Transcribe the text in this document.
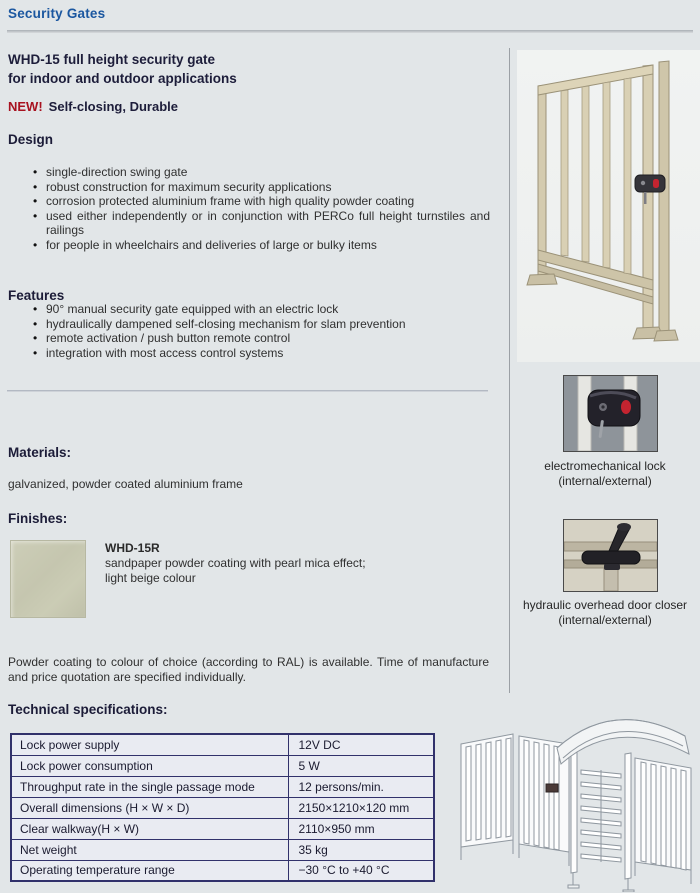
Security Gates
WHD-15 full height security gate
for indoor and outdoor applications
NEW! Self-closing, Durable
Design
• single-direction swing gate
• robust construction for maximum security applications
• corrosion protected aluminium frame with high quality powder coating
• used either independently or in conjunction with PERCo full height turnstiles and railings
• for people in wheelchairs and deliveries of large or bulky items
Features
• 90° manual security gate equipped with an electric lock
• hydraulically dampened self-closing mechanism for slam prevention
• remote activation / push button remote control
• integration with most access control systems
Materials:
galvanized, powder coated aluminium frame
Finishes:
WHD-15R
sandpaper powder coating with pearl mica effect;
light beige colour
Powder coating to colour of choice (according to RAL) is available. Time of manufacture and price quotation are specified individually.
Technical specifications:
Lock power supply	12V DC
Lock power consumption	5 W
Throughput rate in the single passage mode	12 persons/min.
Overall dimensions (H × W × D)	2150×1210×120 mm
Clear walkway(H × W)	2110×950 mm
Net weight	35 kg
Operating temperature range	−30 °C to +40 °C
electromechanical lock
(internal/external)
hydraulic overhead door closer
(internal/external)
